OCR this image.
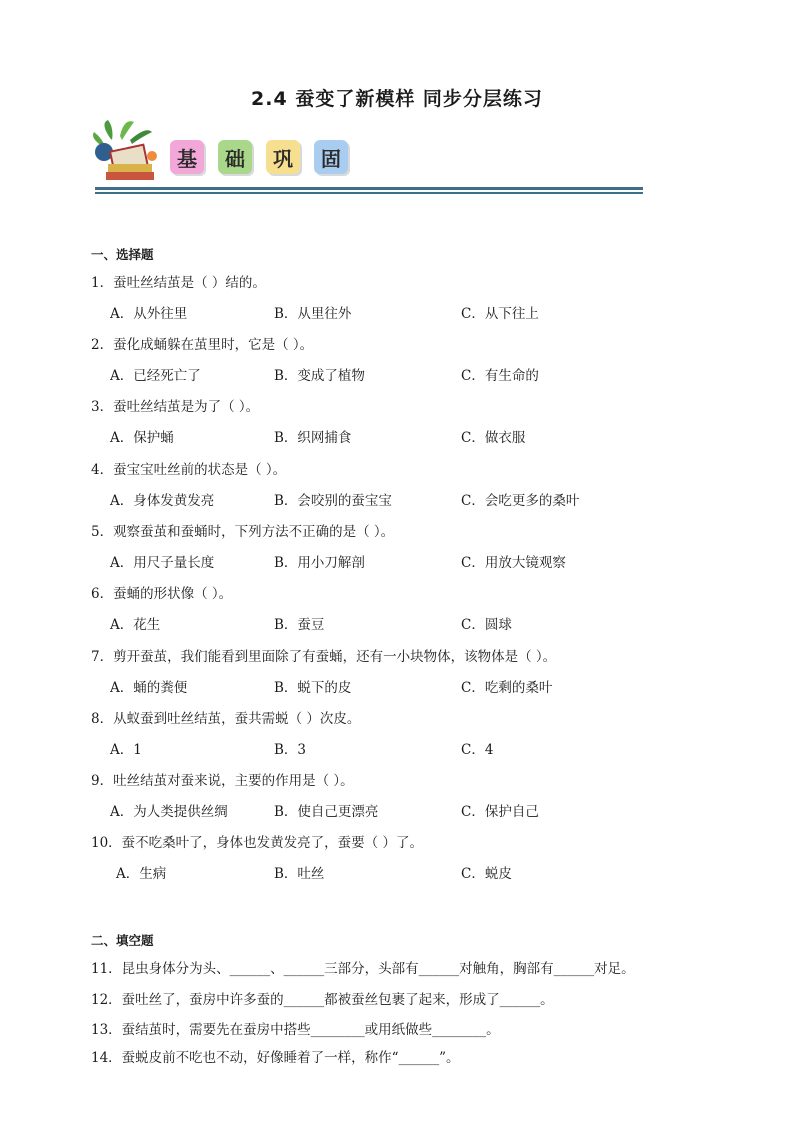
2.4 蚕变了新模样 同步分层练习
基	础	巩	固
一、选择题
1．蚕吐丝结茧是（ ）结的。
A．从外往里	B．从里往外	C．从下往上
2．蚕化成蛹躲在茧里时，它是（ ）。
A．已经死亡了	B．变成了植物	C．有生命的
3．蚕吐丝结茧是为了（ ）。
A．保护蛹	B．织网捕食	C．做衣服
4．蚕宝宝吐丝前的状态是（ ）。
A．身体发黄发亮	B．会咬别的蚕宝宝	C．会吃更多的桑叶
5．观察蚕茧和蚕蛹时，下列方法不正确的是（ ）。
A．用尺子量长度	B．用小刀解剖	C．用放大镜观察
6．蚕蛹的形状像（ ）。
A．花生	B．蚕豆	C．圆球
7．剪开蚕茧，我们能看到里面除了有蚕蛹，还有一小块物体，该物体是（ ）。
A．蛹的粪便	B．蜕下的皮	C．吃剩的桑叶
8．从蚁蚕到吐丝结茧，蚕共需蜕（ ）次皮。
A．1	B．3	C．4
9．吐丝结茧对蚕来说，主要的作用是（ ）。
A．为人类提供丝绸	B．使自己更漂亮	C．保护自己
10．蚕不吃桑叶了，身体也发黄发亮了，蚕要（ ）了。
A．生病	B．吐丝	C．蜕皮
二、填空题
11．昆虫身体分为头、______、______三部分，头部有______对触角，胸部有______对足。
12．蚕吐丝了，蚕房中许多蚕的______都被蚕丝包裹了起来，形成了______。
13．蚕结茧时，需要先在蚕房中搭些________或用纸做些________。
14．蚕蜕皮前不吃也不动，好像睡着了一样，称作“______”。
